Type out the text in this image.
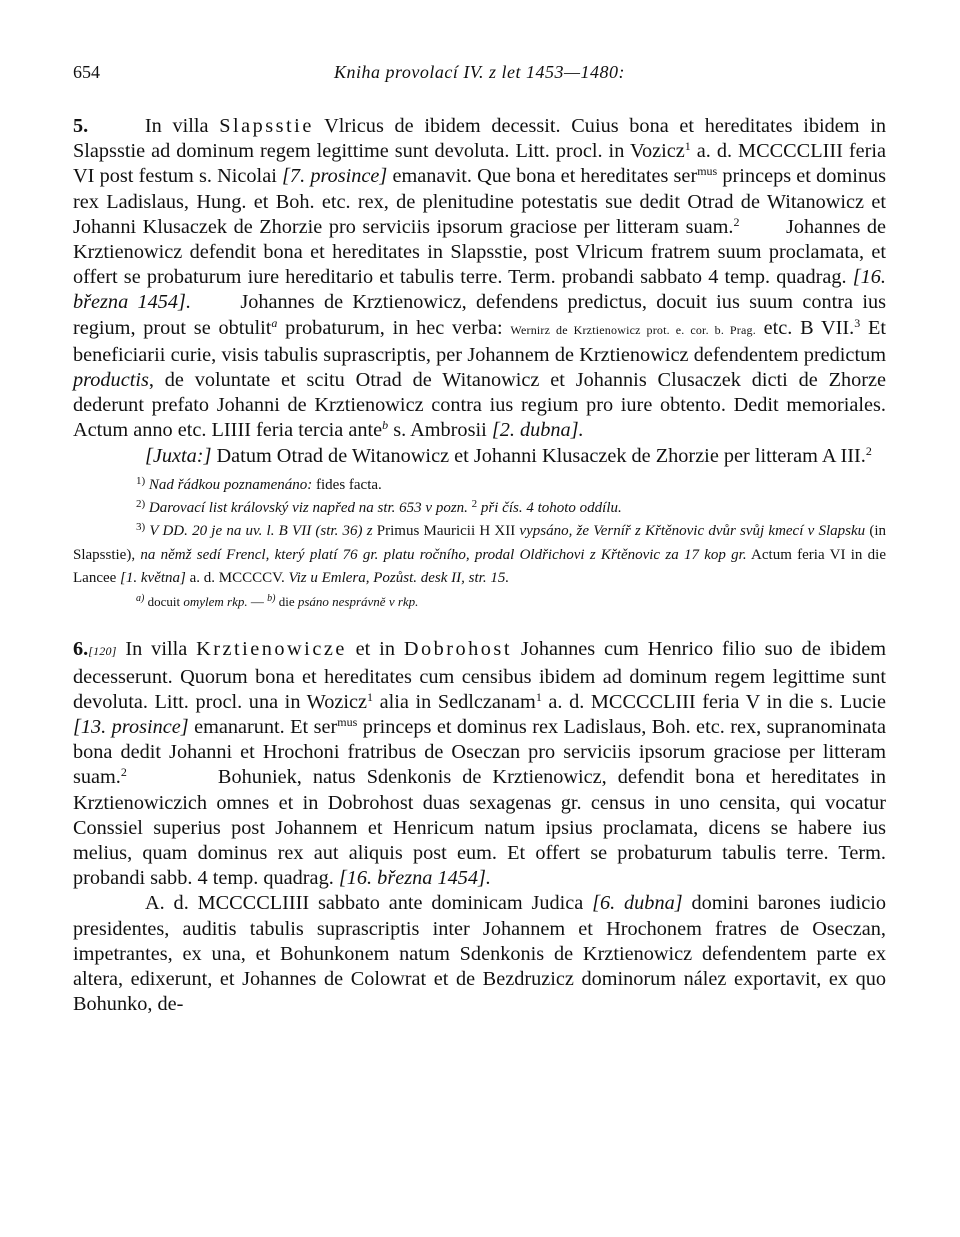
654	Kniha provolací IV. z let 1453—1480:

5.	In villa Slapsstie Vlricus de ibidem decessit. Cuius bona et hereditates ibidem in Slapsstie ad dominum regem legittime sunt devoluta. Litt. procl. in Vozicz$^1$ a. d. MCCCCLIII feria VI post festum s. Nicolai [7. prosince] emanavit. Que bona et hereditates ser$^{mus}$ princeps et dominus rex Ladislaus, Hung. et Boh. etc. rex, de plenitudine potestatis sue dedit Otrad de Witanowicz et Johanni Klusaczek de Zhorzie pro serviciis ipsorum graciose per litteram suam.$^2$ Johannes de Krztienowicz defendit bona et hereditates in Slapsstie, post Vlricum fratrem suum proclamata, et offert se probaturum iure hereditario et tabulis terre. Term. probandi sabbato 4 temp. quadrag. [16. března 1454]. Johannes de Krztienowicz, defendens predictus, docuit ius suum contra ius regium, prout se obtulit$^a$ probaturum, in hec verba: Wernirz de Krztienowicz prot. e. cor. b. Prag. etc. B VII.$^3$ Et beneficiarii curie, visis tabulis suprascriptis, per Johannem de Krztienowicz defendentem predictum productis, de voluntate et scitu Otrad de Witanowicz et Johannis Clusaczek dicti de Zhorze dederunt prefato Johanni de Krztienowicz contra ius regium pro iure obtento. Dedit memoriales. Actum anno etc. LIIII feria tercia ante$^b$ s. Ambrosii [2. dubna].

[Juxta:] Datum Otrad de Witanowicz et Johanni Klusaczek de Zhorzie per litteram A III.$^2$

$^{1)}$ Nad řádkou poznamenáno: fides facta.

$^{2)}$ Darovací list královský viz napřed na str. 653 v pozn. $^2$ při čís. 4 tohoto oddílu.

$^{3)}$ V DD. 20 je na uv. l. B VII (str. 36) z Primus Mauricii H XII vypsáno, že Verníř z Křtěnovic dvůr svůj kmecí v Slapsku (in Slapsstie), na němž sedí Frencl, který platí 76 gr. platu ročního, prodal Oldřichovi z Křtěnovic za 17 kop gr. Actum feria VI in die Lancee [1. května] a. d. MCCCCV. Viz u Emlera, Pozůst. desk II, str. 15.

$^{a)}$ docuit omylem rkp. — $^{b)}$ die psáno nesprávně v rkp.

6.[120] In villa Krztienowicze et in Dobrohost Johannes cum Henrico filio suo de ibidem decesserunt. Quorum bona et hereditates cum censibus ibidem ad dominum regem legittime sunt devoluta. Litt. procl. una in Wozicz$^1$ alia in Sedlczanam$^1$ a. d. MCCCCLIII feria V in die s. Lucie [13. prosince] emanarunt. Et ser$^{mus}$ princeps et dominus rex Ladislaus, Boh. etc. rex, supranominata bona dedit Johanni et Hrochoni fratribus de Oseczan pro serviciis ipsorum graciose per litteram suam.$^2$	Bohuniek, natus Sdenkonis de Krztienowicz, defendit bona et hereditates in Krztienowiczich omnes et in Dobrohost duas sexagenas gr. census in uno censita, qui vocatur Conssiel superius post Johannem et Henricum natum ipsius proclamata, dicens se habere ius melius, quam dominus rex aut aliquis post eum. Et offert se probaturum tabulis terre. Term. probandi sabb. 4 temp. quadrag. [16. března 1454].

A. d. MCCCCLIIII sabbato ante dominicam Judica [6. dubna] domini barones iudicio presidentes, auditis tabulis suprascriptis inter Johannem et Hrochonem fratres de Oseczan, impetrantes, ex una, et Bohunkonem natum Sdenkonis de Krztienowicz defendentem parte ex altera, edixerunt, et Johannes de Colowrat et de Bezdruzicz dominorum nález exportavit, ex quo Bohunko, de-
